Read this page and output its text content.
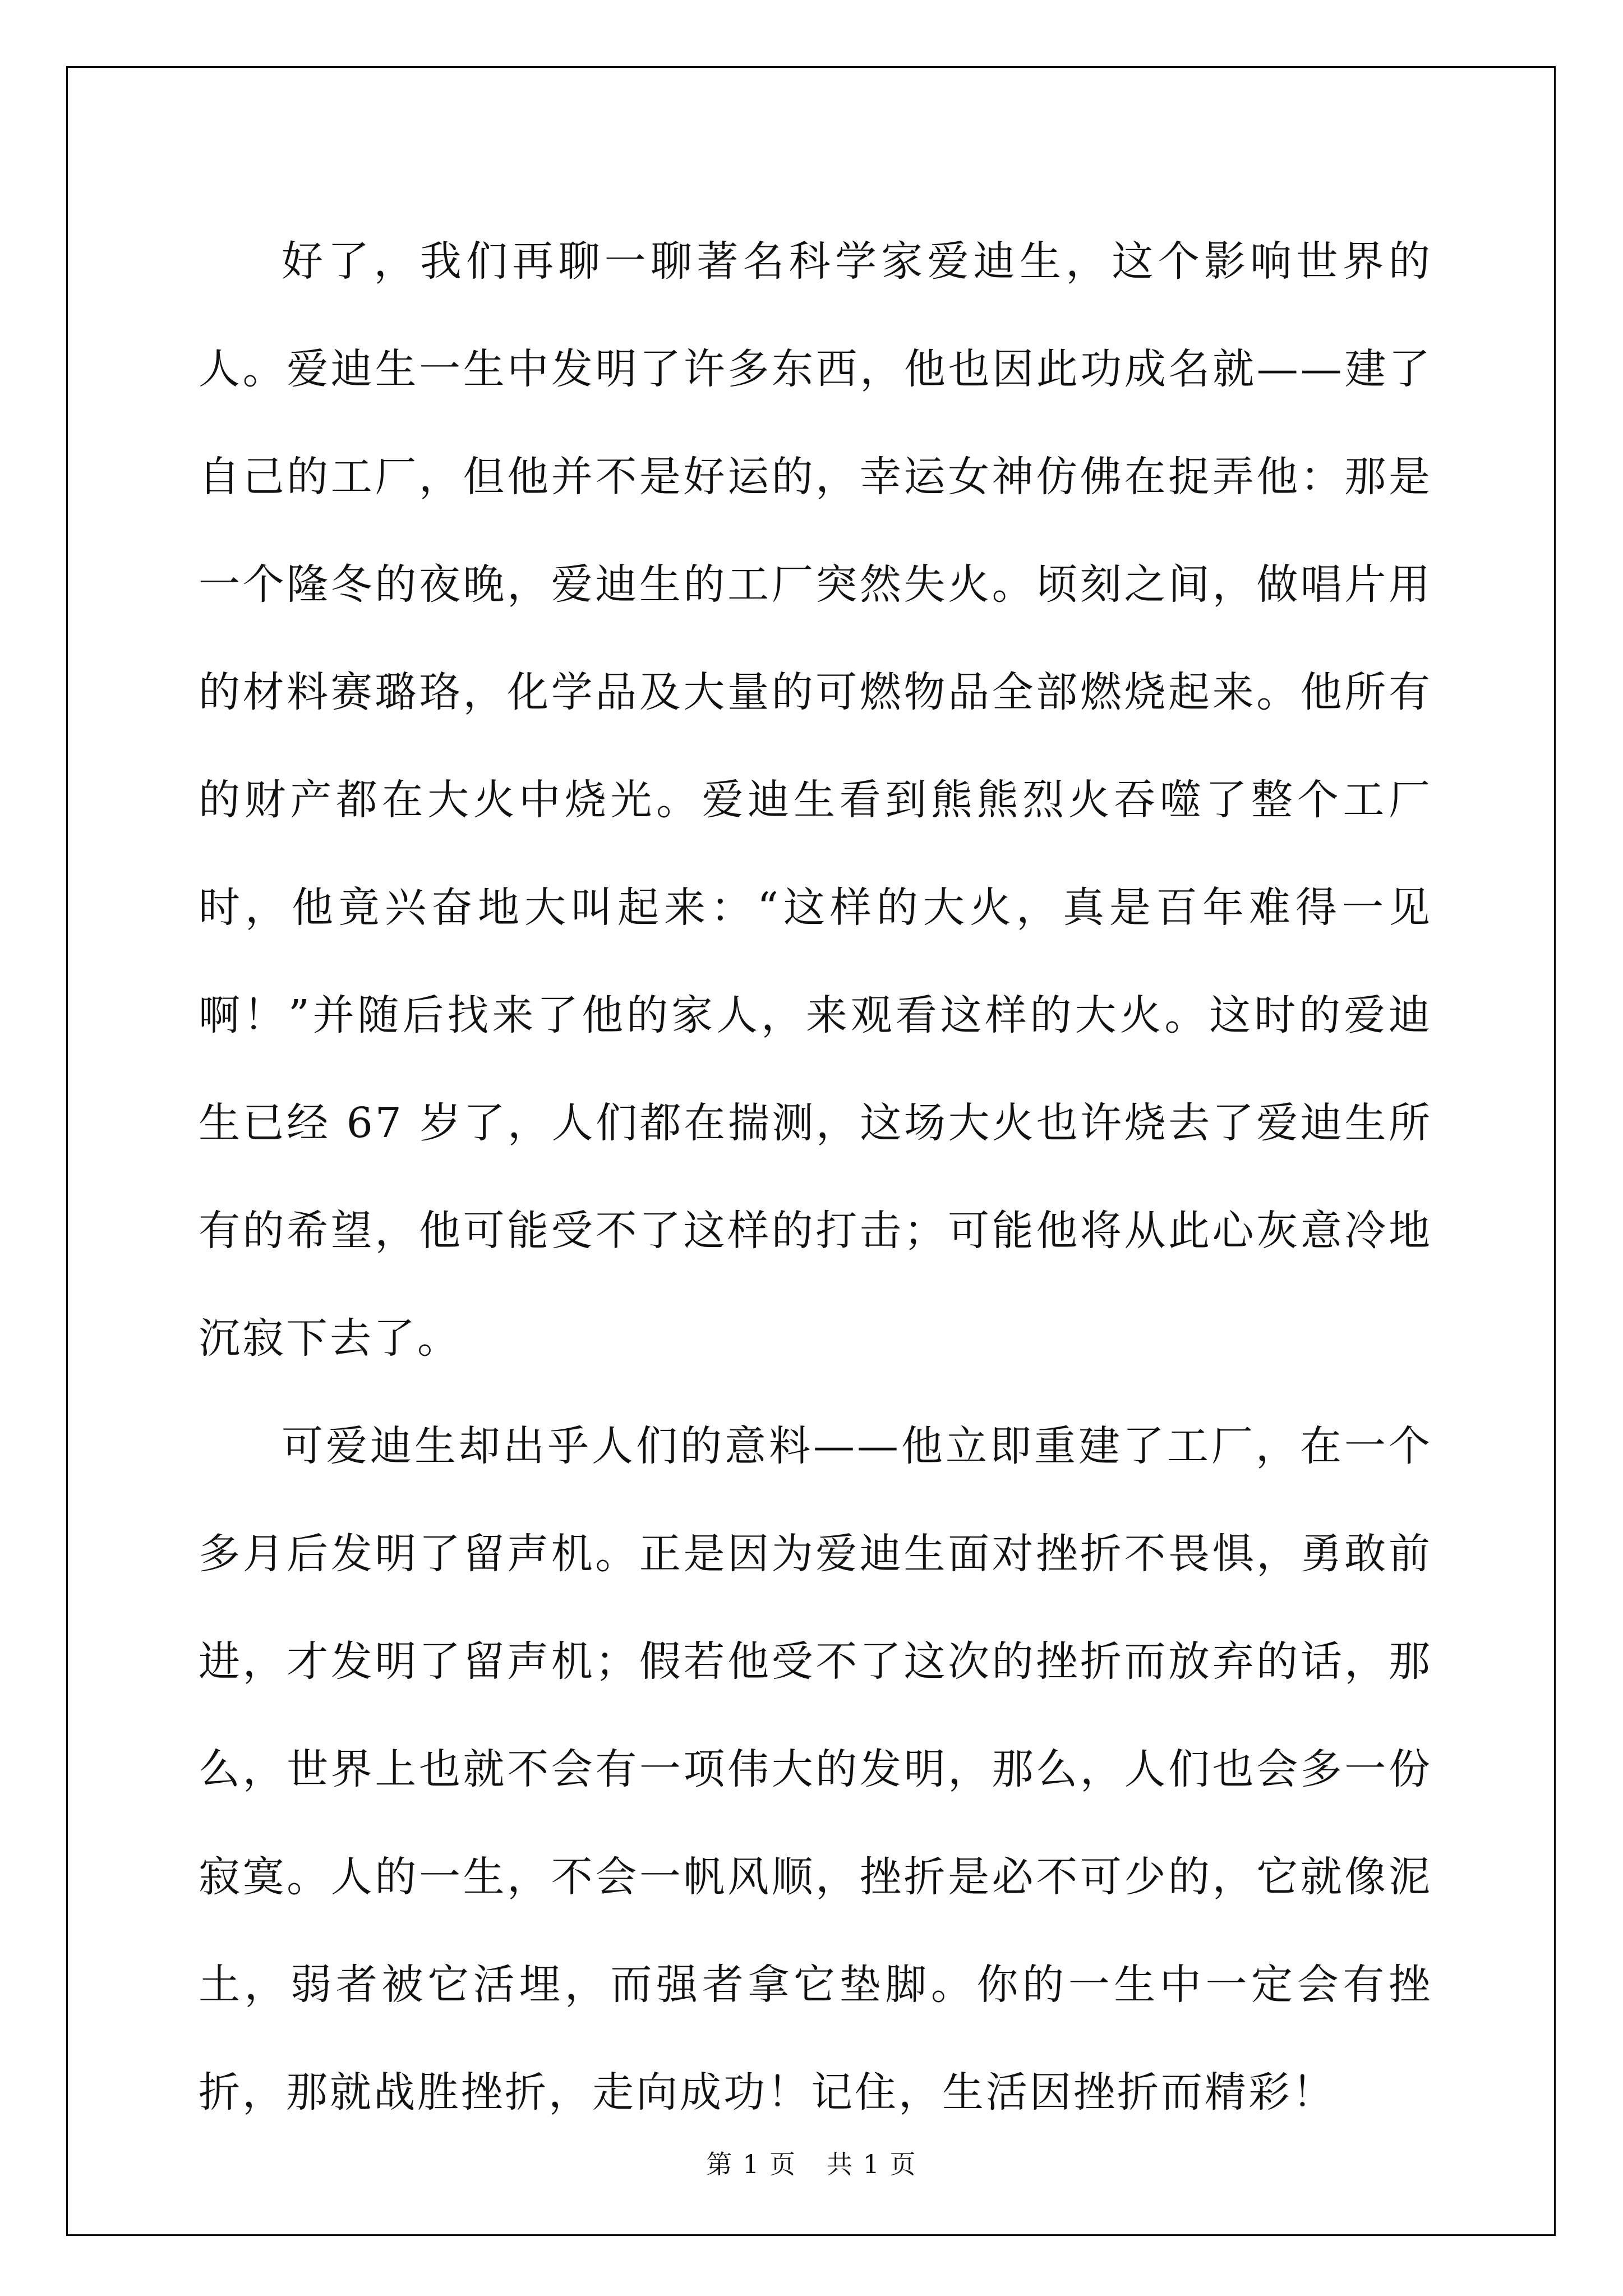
好了，我们再聊一聊著名科学家爱迪生，这个影响世界的人。爱迪生一生中发明了许多东西，他也因此功成名就——建了自己的工厂，但他并不是好运的，幸运女神仿佛在捉弄他：那是一个隆冬的夜晚，爱迪生的工厂突然失火。顷刻之间，做唱片用的材料赛璐珞，化学品及大量的可燃物品全部燃烧起来。他所有的财产都在大火中烧光。爱迪生看到熊熊烈火吞噬了整个工厂时，他竟兴奋地大叫起来：“这样的大火，真是百年难得一见啊！”并随后找来了他的家人，来观看这样的大火。这时的爱迪生已经 67 岁了，人们都在揣测，这场大火也许烧去了爱迪生所有的希望，他可能受不了这样的打击；可能他将从此心灰意冷地沉寂下去了。

可爱迪生却出乎人们的意料——他立即重建了工厂，在一个多月后发明了留声机。正是因为爱迪生面对挫折不畏惧，勇敢前进，才发明了留声机；假若他受不了这次的挫折而放弃的话，那么，世界上也就不会有一项伟大的发明，那么，人们也会多一份寂寞。人的一生，不会一帆风顺，挫折是必不可少的，它就像泥土，弱者被它活埋，而强者拿它垫脚。你的一生中一定会有挫折，那就战胜挫折，走向成功！记住，生活因挫折而精彩！

第 1 页 共 1 页
